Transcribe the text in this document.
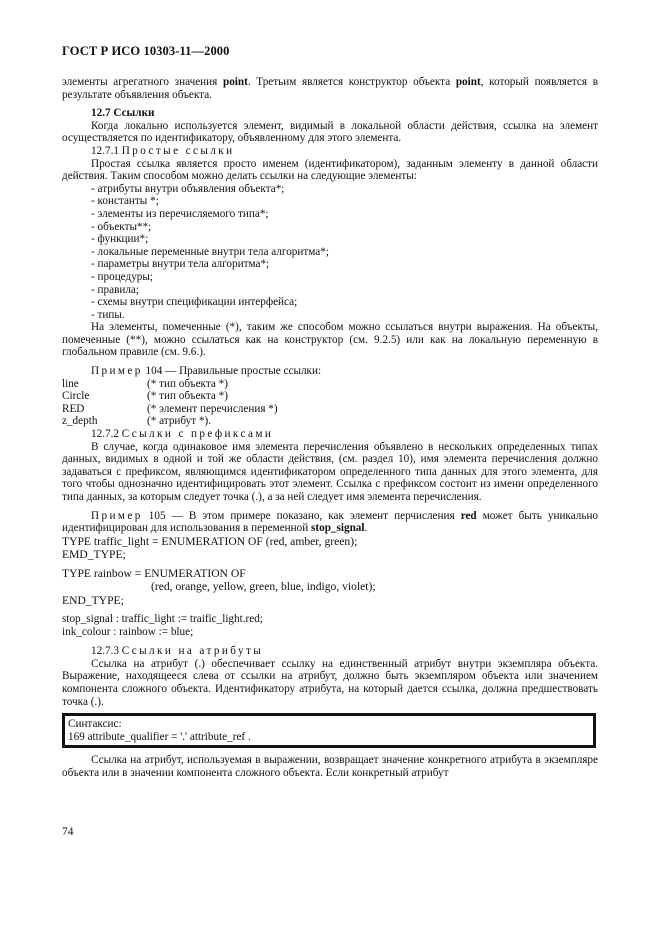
ГОСТ Р ИСО 10303-11—2000

элементы агрегатного значения point. Третьим является конструктор объекта point, который появляется в результате объявления объекта.

12.7 Ссылки

Когда локально используется элемент, видимый в локальной области действия, ссылка на элемент осуществляется по идентификатору, объявленному для этого элемента.

12.7.1 Простые ссылки

Простая ссылка является просто именем (идентификатором), заданным элементу в данной области действия. Таким способом можно делать ссылки на следующие элементы:

- атрибуты внутри объявления объекта*;

- константы *;

- элементы из перечисляемого типа*;

- объекты**;

- функции*;

- локальные переменные внутри тела алгоритма*;

- параметры внутри тела алгоритма*;

- процедуры;

- правила;

- схемы внутри спецификации интерфейса;

- типы.

На элементы, помеченные (*), таким же способом можно ссылаться внутри выражения. На объекты, помеченные (**), можно ссылаться как на конструктор (см. 9.2.5) или как на локальную переменную в глобальном правиле (см. 9.6.).

Пример 104 — Правильные простые ссылки:

line	(* тип объекта *)
Circle	(* тип объекта *)
RED	(* элемент перечисления *)
z_depth	(* атрибут *).

12.7.2 Ссылки с префиксами

В случае, когда одинаковое имя элемента перечисления объявлено в нескольких определенных типах данных, видимых в одной и той же области действия, (см. раздел 10), имя элемента перечисления должно задаваться с префиксом, являющимся идентификатором определенного типа данных для этого элемента, для того чтобы однозначно идентифицировать этот элемент. Ссылка с префиксом состоит из имени определенного типа данных, за которым следует точка (.), а за ней следует имя элемента перечисления.

Пример 105 — В этом примере показано, как элемент перчисления red может быть уникально идентифицирован для использования в переменной stop_signal.

TYPE traffic_light = ENUMERATION OF (red, amber, green);
EMD_TYPE;
TYPE rainbow = ENUMERATION OF
(red, orange, yellow, green, blue, indigo, violet);
END_TYPE;
stop_signal : traffic_light := traific_light.red;
ink_colour : rainbow := blue;

12.7.3 Ссылки на атрибуты

Ссылка на атрибут (.) обеспечивает ссылку на единственный атрибут внутри экземпляра объекта. Выражение, находящееся слева от ссылки на атрибут, должно быть экземпляром объекта или значением компонента сложного объекта. Идентификатору атрибута, на который дается ссылка, должна предшествовать точка (.).

Синтаксис:
169 attribute_qualifier = '.' attribute_ref .

Ссылка на атрибут, используемая в выражении, возвращает значение конкретного атрибута в экземпляре объекта или в значении компонента сложного объекта. Если конкретный атрибут

74
